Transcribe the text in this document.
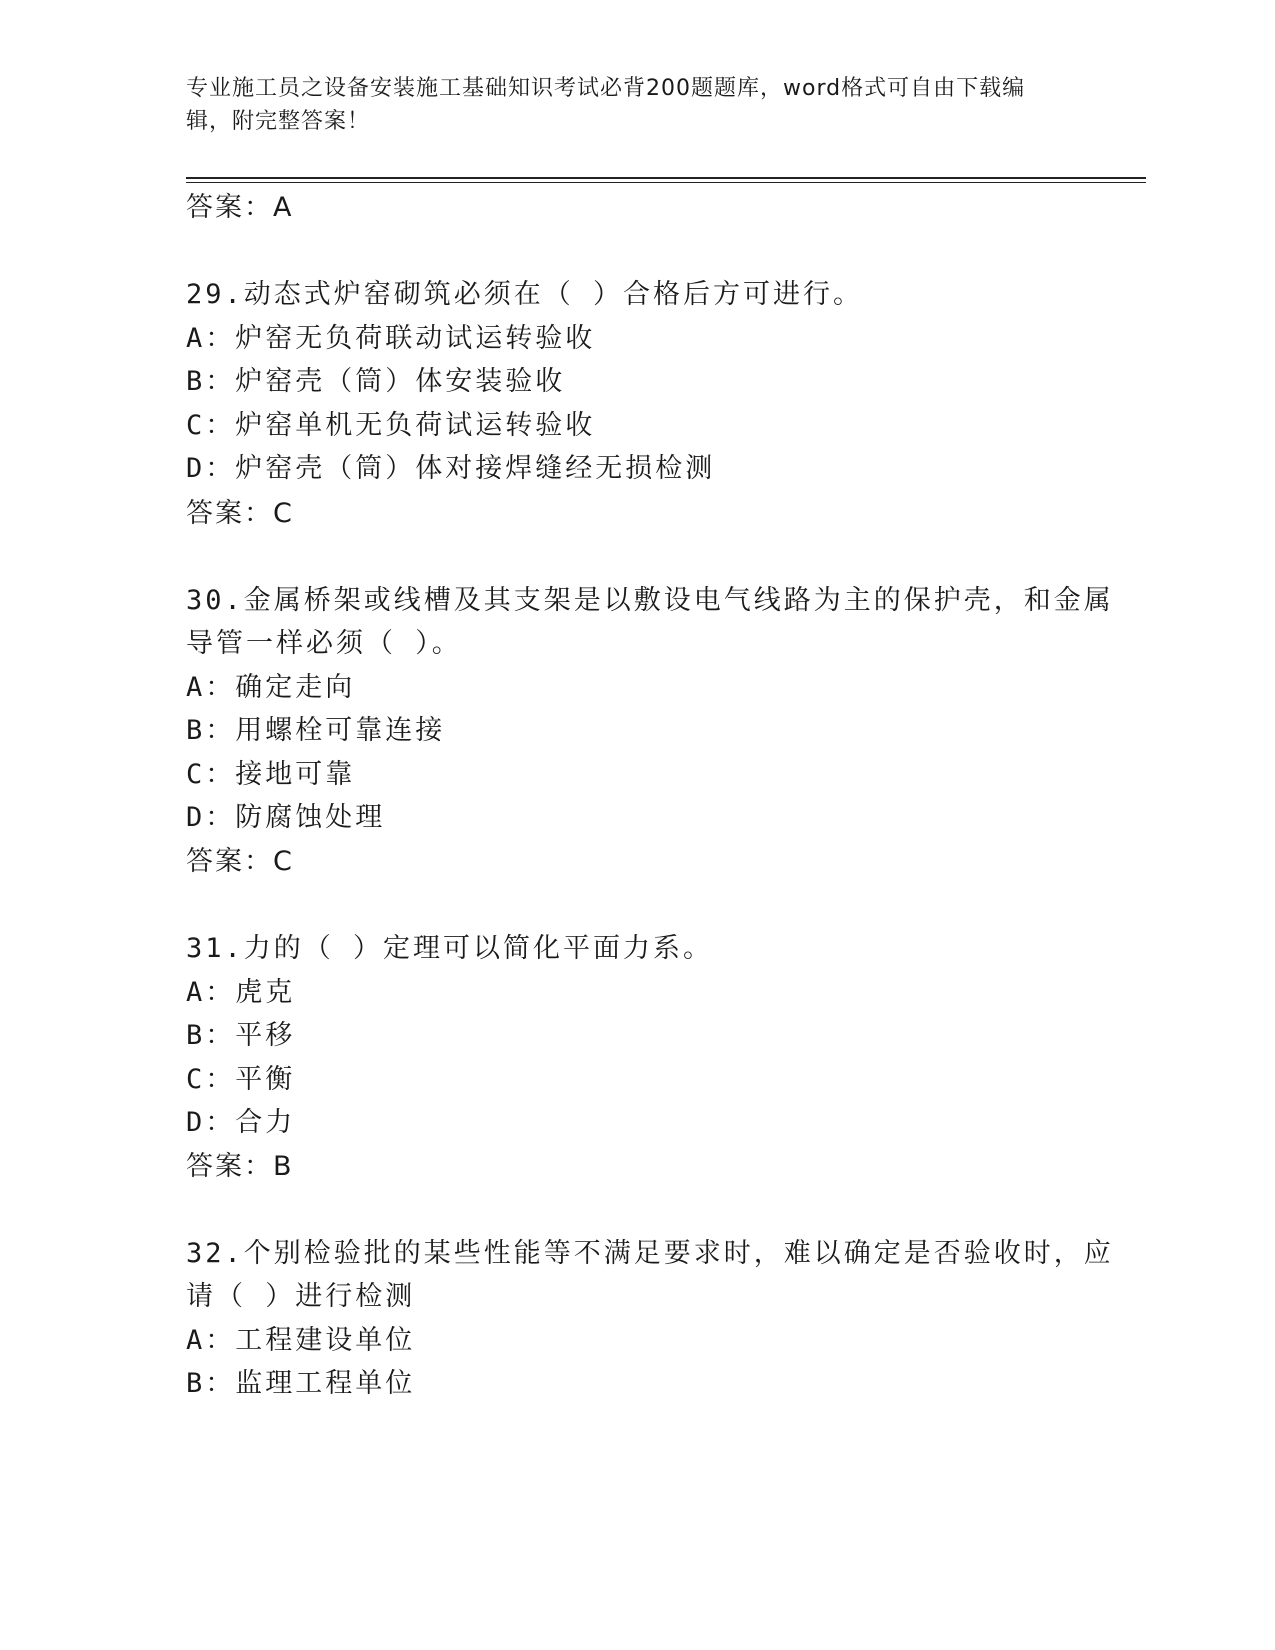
专业施工员之设备安装施工基础知识考试必背200题题库，word格式可自由下载编辑，附完整答案！
答案：A
29.动态式炉窑砌筑必须在（ ）合格后方可进行。
A：炉窑无负荷联动试运转验收
B：炉窑壳（筒）体安装验收
C：炉窑单机无负荷试运转验收
D：炉窑壳（筒）体对接焊缝经无损检测
答案：C
30.金属桥架或线槽及其支架是以敷设电气线路为主的保护壳，和金属
导管一样必须（ ）。
A：确定走向
B：用螺栓可靠连接
C：接地可靠
D：防腐蚀处理
答案：C
31.力的（ ）定理可以简化平面力系。
A：虎克
B：平移
C：平衡
D：合力
答案：B
32.个别检验批的某些性能等不满足要求时，难以确定是否验收时，应
请（ ）进行检测
A：工程建设单位
B：监理工程单位
